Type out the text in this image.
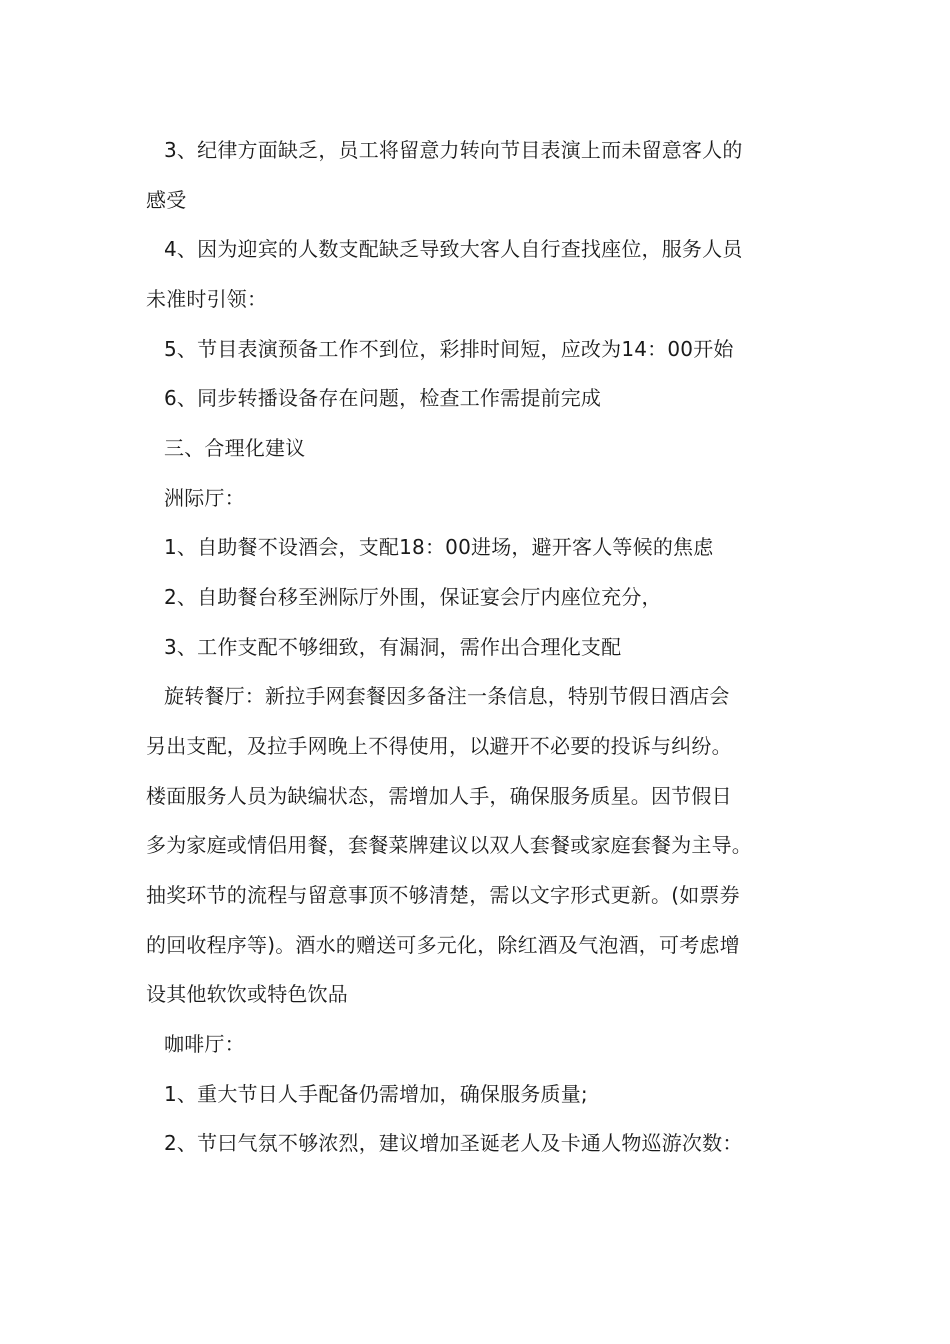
3、纪律方面缺乏，员工将留意力转向节目表演上而未留意客人的
感受
4、因为迎宾的人数支配缺乏导致大客人自行查找座位，服务人员
未准时引领：
5、节目表演预备工作不到位，彩排时间短，应改为14：00开始
6、同步转播设备存在问题，检查工作需提前完成
三、合理化建议
洲际厅：
1、自助餐不设酒会，支配18：00进场，避开客人等候的焦虑
2、自助餐台移至洲际厅外围，保证宴会厅内座位充分，
3、工作支配不够细致，有漏洞，需作出合理化支配
旋转餐厅：新拉手网套餐因多备注一条信息，特别节假日酒店会
另出支配，及拉手网晚上不得使用，以避开不必要的投诉与纠纷。
楼面服务人员为缺编状态，需增加人手，确保服务质星。因节假日
多为家庭或情侣用餐，套餐菜牌建议以双人套餐或家庭套餐为主导。
抽奖环节的流程与留意事顶不够清楚，需以文字形式更新。(如票券
的回收程序等)。酒水的赠送可多元化，除红酒及气泡酒，可考虑增
设其他软饮或特色饮品
咖啡厅：
1、重大节日人手配备仍需增加，确保服务质量;
2、节曰气氛不够浓烈，建议增加圣诞老人及卡通人物巡游次数：
